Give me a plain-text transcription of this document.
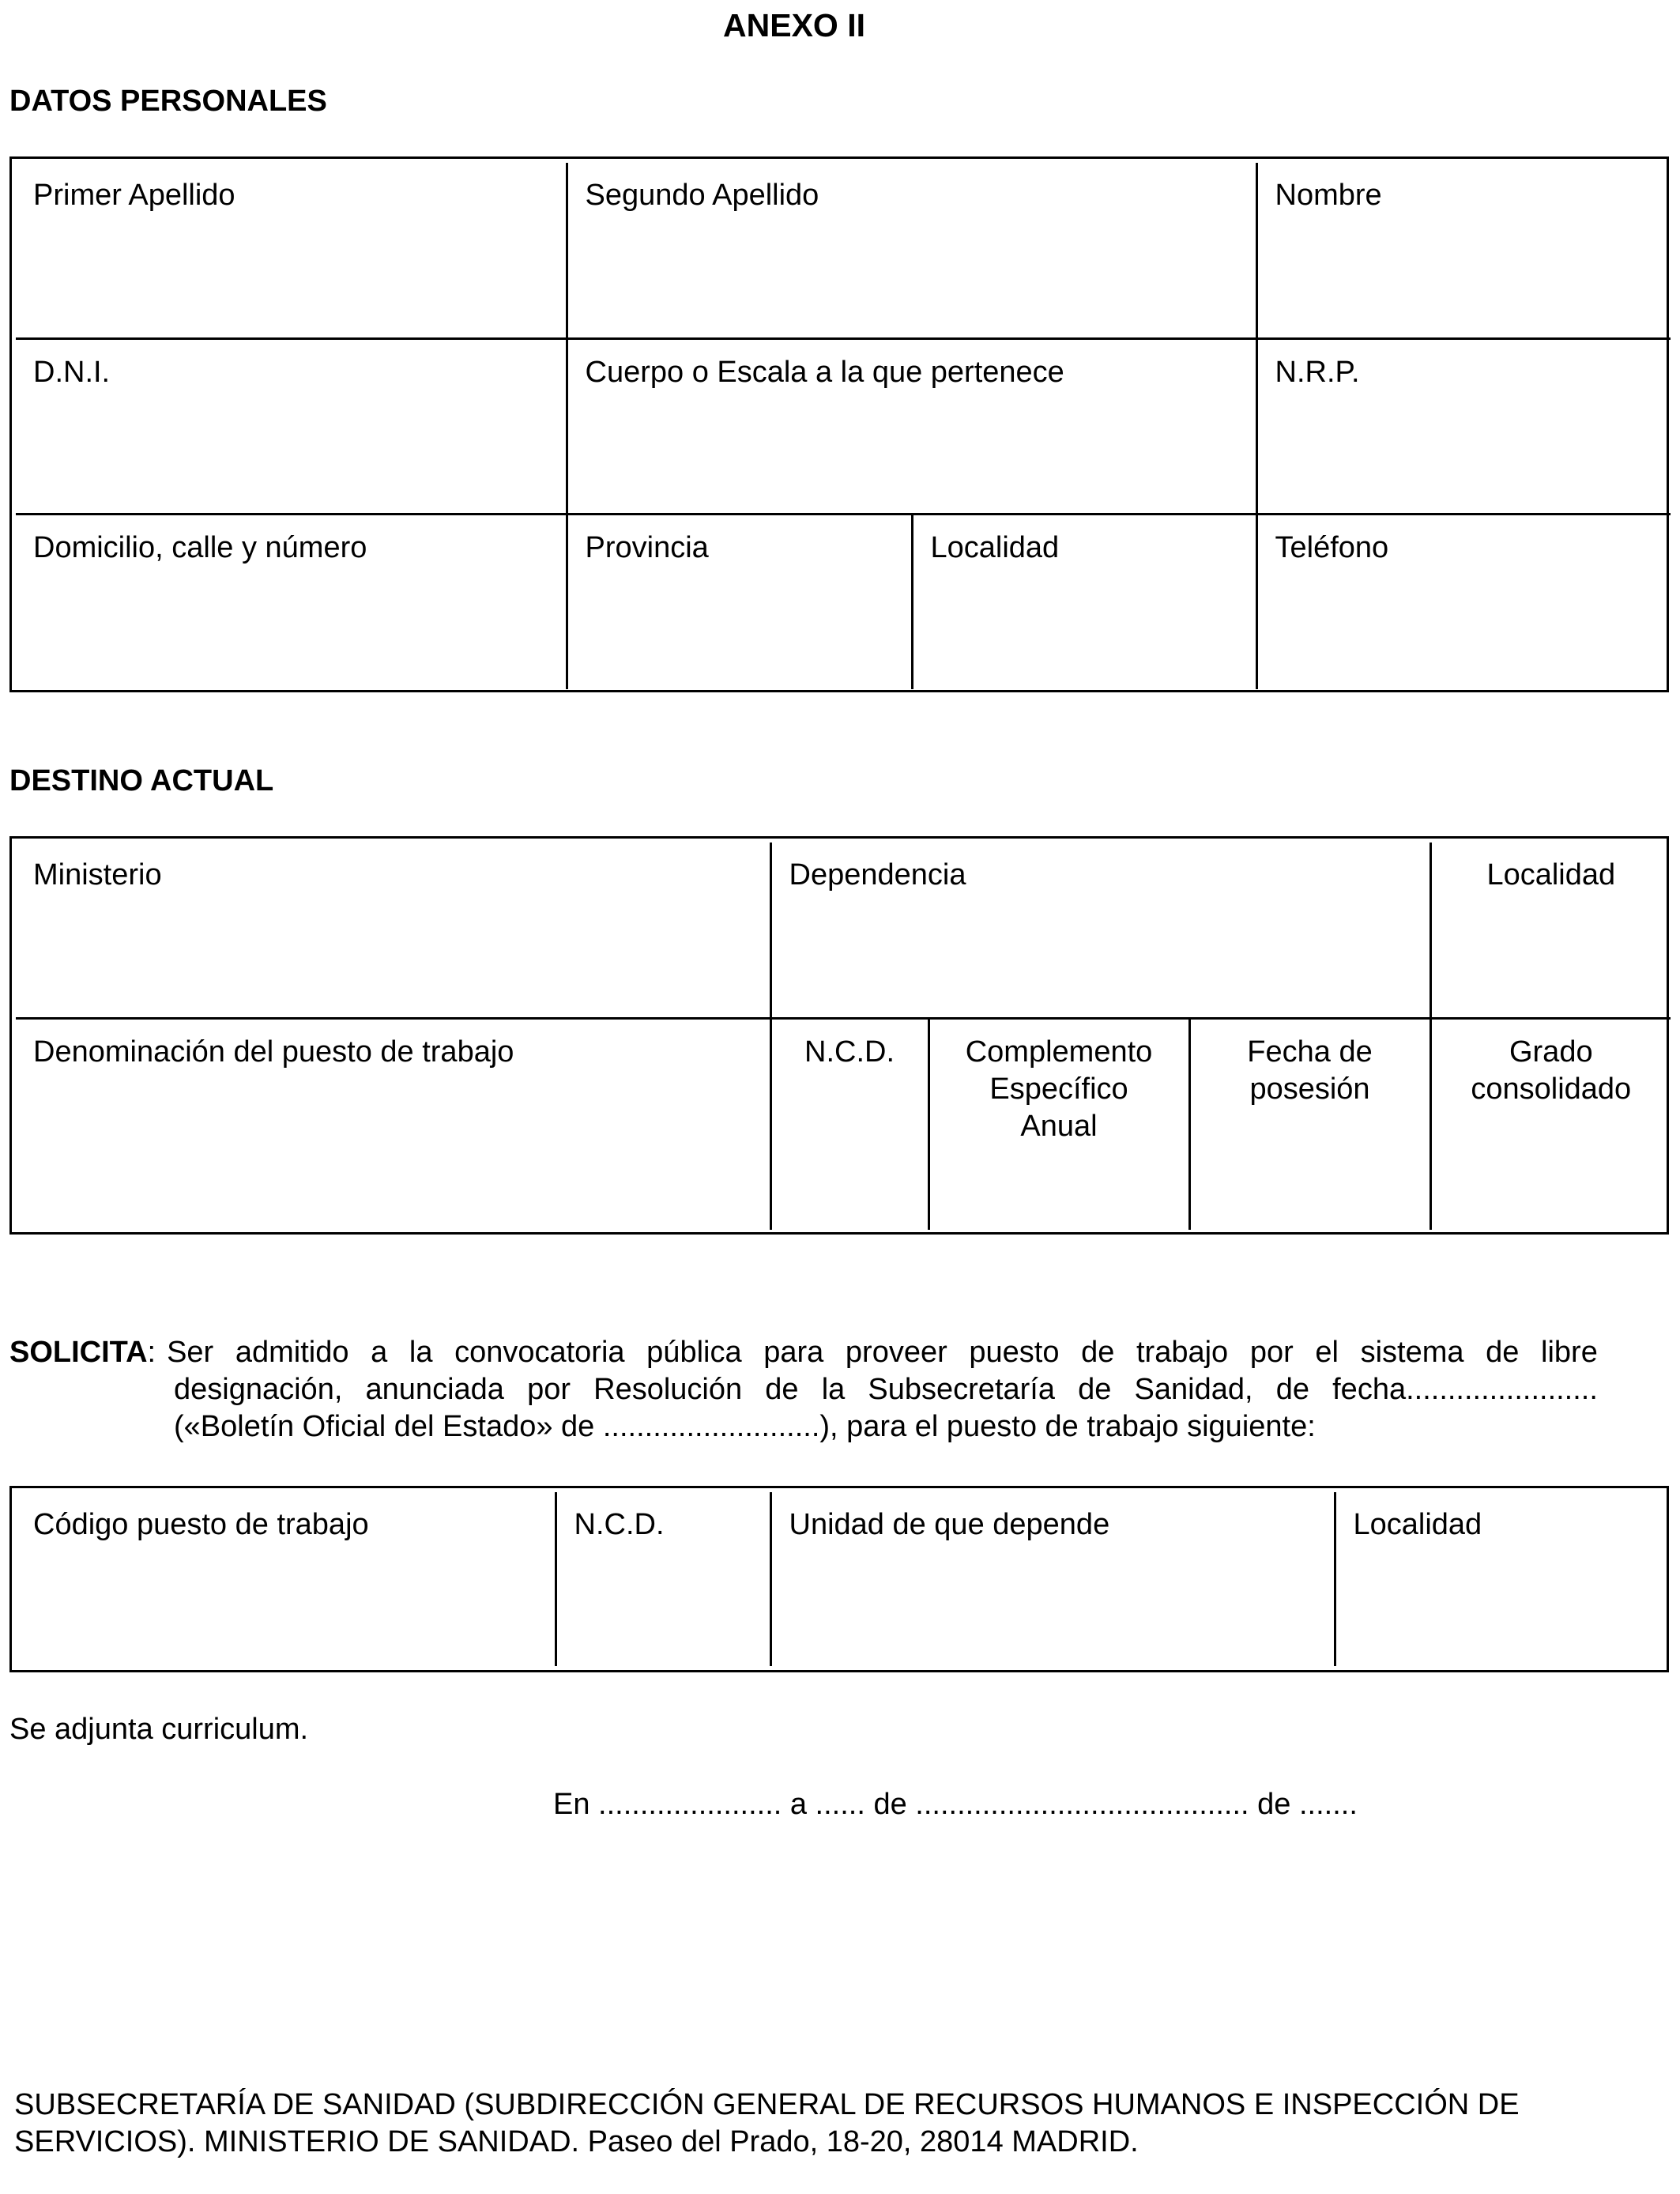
ANEXO II
DATOS PERSONALES
Primer Apellido	Segundo Apellido		Nombre
D.N.I.	Cuerpo o Escala a la que pertenece		N.R.P.
Domicilio, calle y número	Provincia	Localidad	Teléfono
DESTINO ACTUAL
Ministerio	Dependencia			Localidad
Denominación del puesto de trabajo	N.C.D.	Complemento Específico Anual	Fecha de posesión	Grado consolidado
SOLICITA: Ser admitido a la convocatoria pública para proveer puesto de trabajo por el sistema de libre
designación, anunciada por Resolución de la Subsecretaría de Sanidad, de fecha.......................
(«Boletín Oficial del Estado» de ..........................), para el puesto de trabajo siguiente:
Código puesto de trabajo	N.C.D.	Unidad de que depende	Localidad
Se adjunta curriculum.
En ...................... a ...... de ........................................ de .......
SUBSECRETARÍA DE SANIDAD (SUBDIRECCIÓN GENERAL DE RECURSOS HUMANOS E INSPECCIÓN DE
SERVICIOS). MINISTERIO DE SANIDAD. Paseo del Prado, 18-20, 28014 MADRID.
